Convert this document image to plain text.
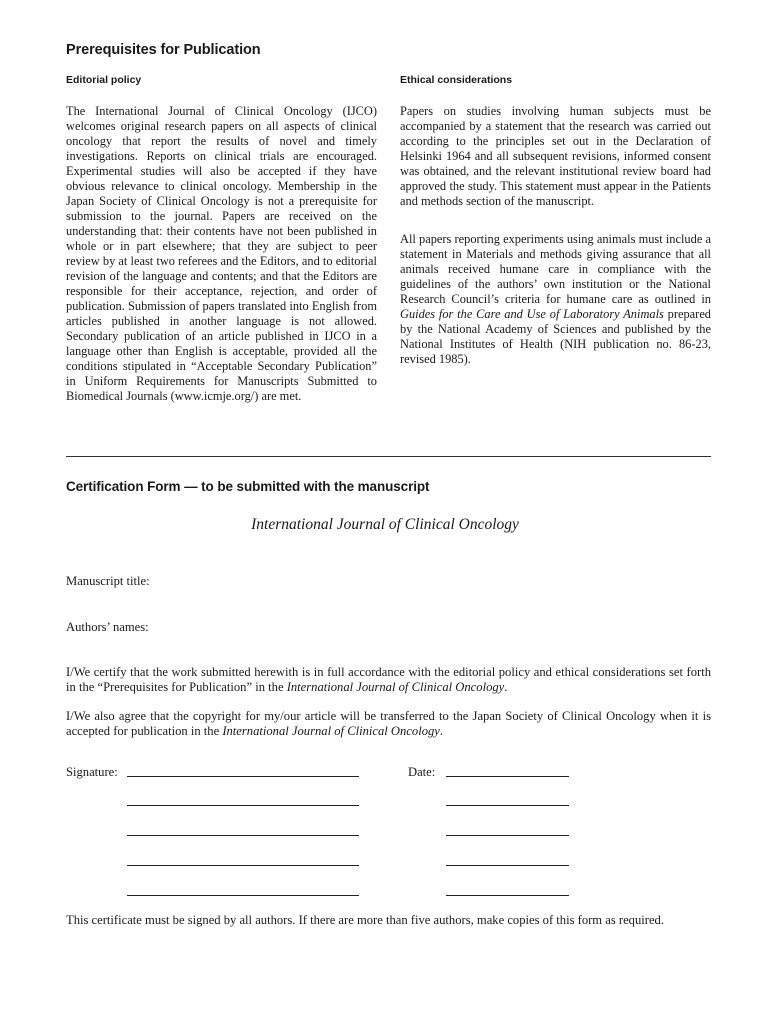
Prerequisites for Publication
Editorial policy	Ethical considerations

The International Journal of Clinical Oncology (IJCO) welcomes original research papers on all aspects of clinical oncology that report the results of novel and timely investigations. Reports on clinical trials are encouraged. Experimental studies will also be accepted if they have obvious relevance to clinical oncology. Membership in the Japan Society of Clinical Oncology is not a prerequisite for submission to the journal. Papers are received on the understanding that: their contents have not been published in whole or in part elsewhere; that they are subject to peer review by at least two referees and the Editors, and to editorial revision of the language and contents; and that the Editors are responsible for their acceptance, rejection, and order of publication. Submission of papers translated into English from articles published in another language is not allowed. Secondary publication of an article published in IJCO in a language other than English is acceptable, provided all the conditions stipulated in “Acceptable Secondary Publication” in Uniform Requirements for Manuscripts Submitted to Biomedical Journals (www.icmje.org/) are met.

Papers on studies involving human subjects must be accompanied by a statement that the research was carried out according to the principles set out in the Declaration of Helsinki 1964 and all subsequent revisions, informed consent was obtained, and the relevant institutional review board had approved the study. This statement must appear in the Patients and methods section of the manuscript.

All papers reporting experiments using animals must include a statement in Materials and methods giving assurance that all animals received humane care in compliance with the guidelines of the authors’ own institution or the National Research Council’s criteria for humane care as outlined in Guides for the Care and Use of Laboratory Animals prepared by the National Academy of Sciences and published by the National Institutes of Health (NIH publication no. 86-23, revised 1985).

Certification Form — to be submitted with the manuscript
International Journal of Clinical Oncology

Manuscript title:

Authors’ names:

I/We certify that the work submitted herewith is in full accordance with the editorial policy and ethical considerations set forth in the “Prerequisites for Publication” in the International Journal of Clinical Oncology.

I/We also agree that the copyright for my/our article will be transferred to the Japan Society of Clinical Oncology when it is accepted for publication in the International Journal of Clinical Oncology.

Signature:	Date:

This certificate must be signed by all authors. If there are more than five authors, make copies of this form as required.
